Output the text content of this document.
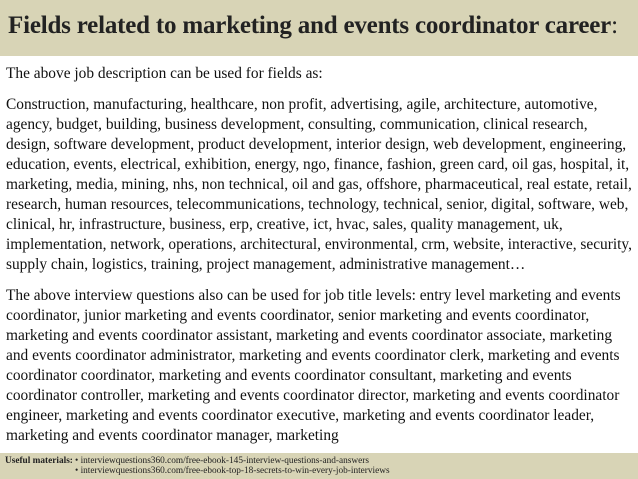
Fields related to marketing and events coordinator career:

The above job description can be used for fields as:

Construction, manufacturing, healthcare, non profit, advertising, agile, architecture, automotive, agency, budget, building, business development, consulting, communication, clinical research, design, software development, product development, interior design, web development, engineering, education, events, electrical, exhibition, energy, ngo, finance, fashion, green card, oil gas, hospital, it, marketing, media, mining, nhs, non technical, oil and gas, offshore, pharmaceutical, real estate, retail, research, human resources, telecommunications, technology, technical, senior, digital, software, web, clinical, hr, infrastructure, business, erp, creative, ict, hvac, sales, quality management, uk, implementation, network, operations, architectural, environmental, crm, website, interactive, security, supply chain, logistics, training, project management, administrative management…

The above interview questions also can be used for job title levels: entry level marketing and events coordinator, junior marketing and events coordinator, senior marketing and events coordinator, marketing and events coordinator assistant, marketing and events coordinator associate, marketing and events coordinator administrator, marketing and events coordinator clerk, marketing and events coordinator coordinator, marketing and events coordinator consultant, marketing and events coordinator controller, marketing and events coordinator director, marketing and events coordinator engineer, marketing and events coordinator executive, marketing and events coordinator leader, marketing and events coordinator manager, marketing

Useful materials: • interviewquestions360.com/free-ebook-145-interview-questions-and-answers
• interviewquestions360.com/free-ebook-top-18-secrets-to-win-every-job-interviews
